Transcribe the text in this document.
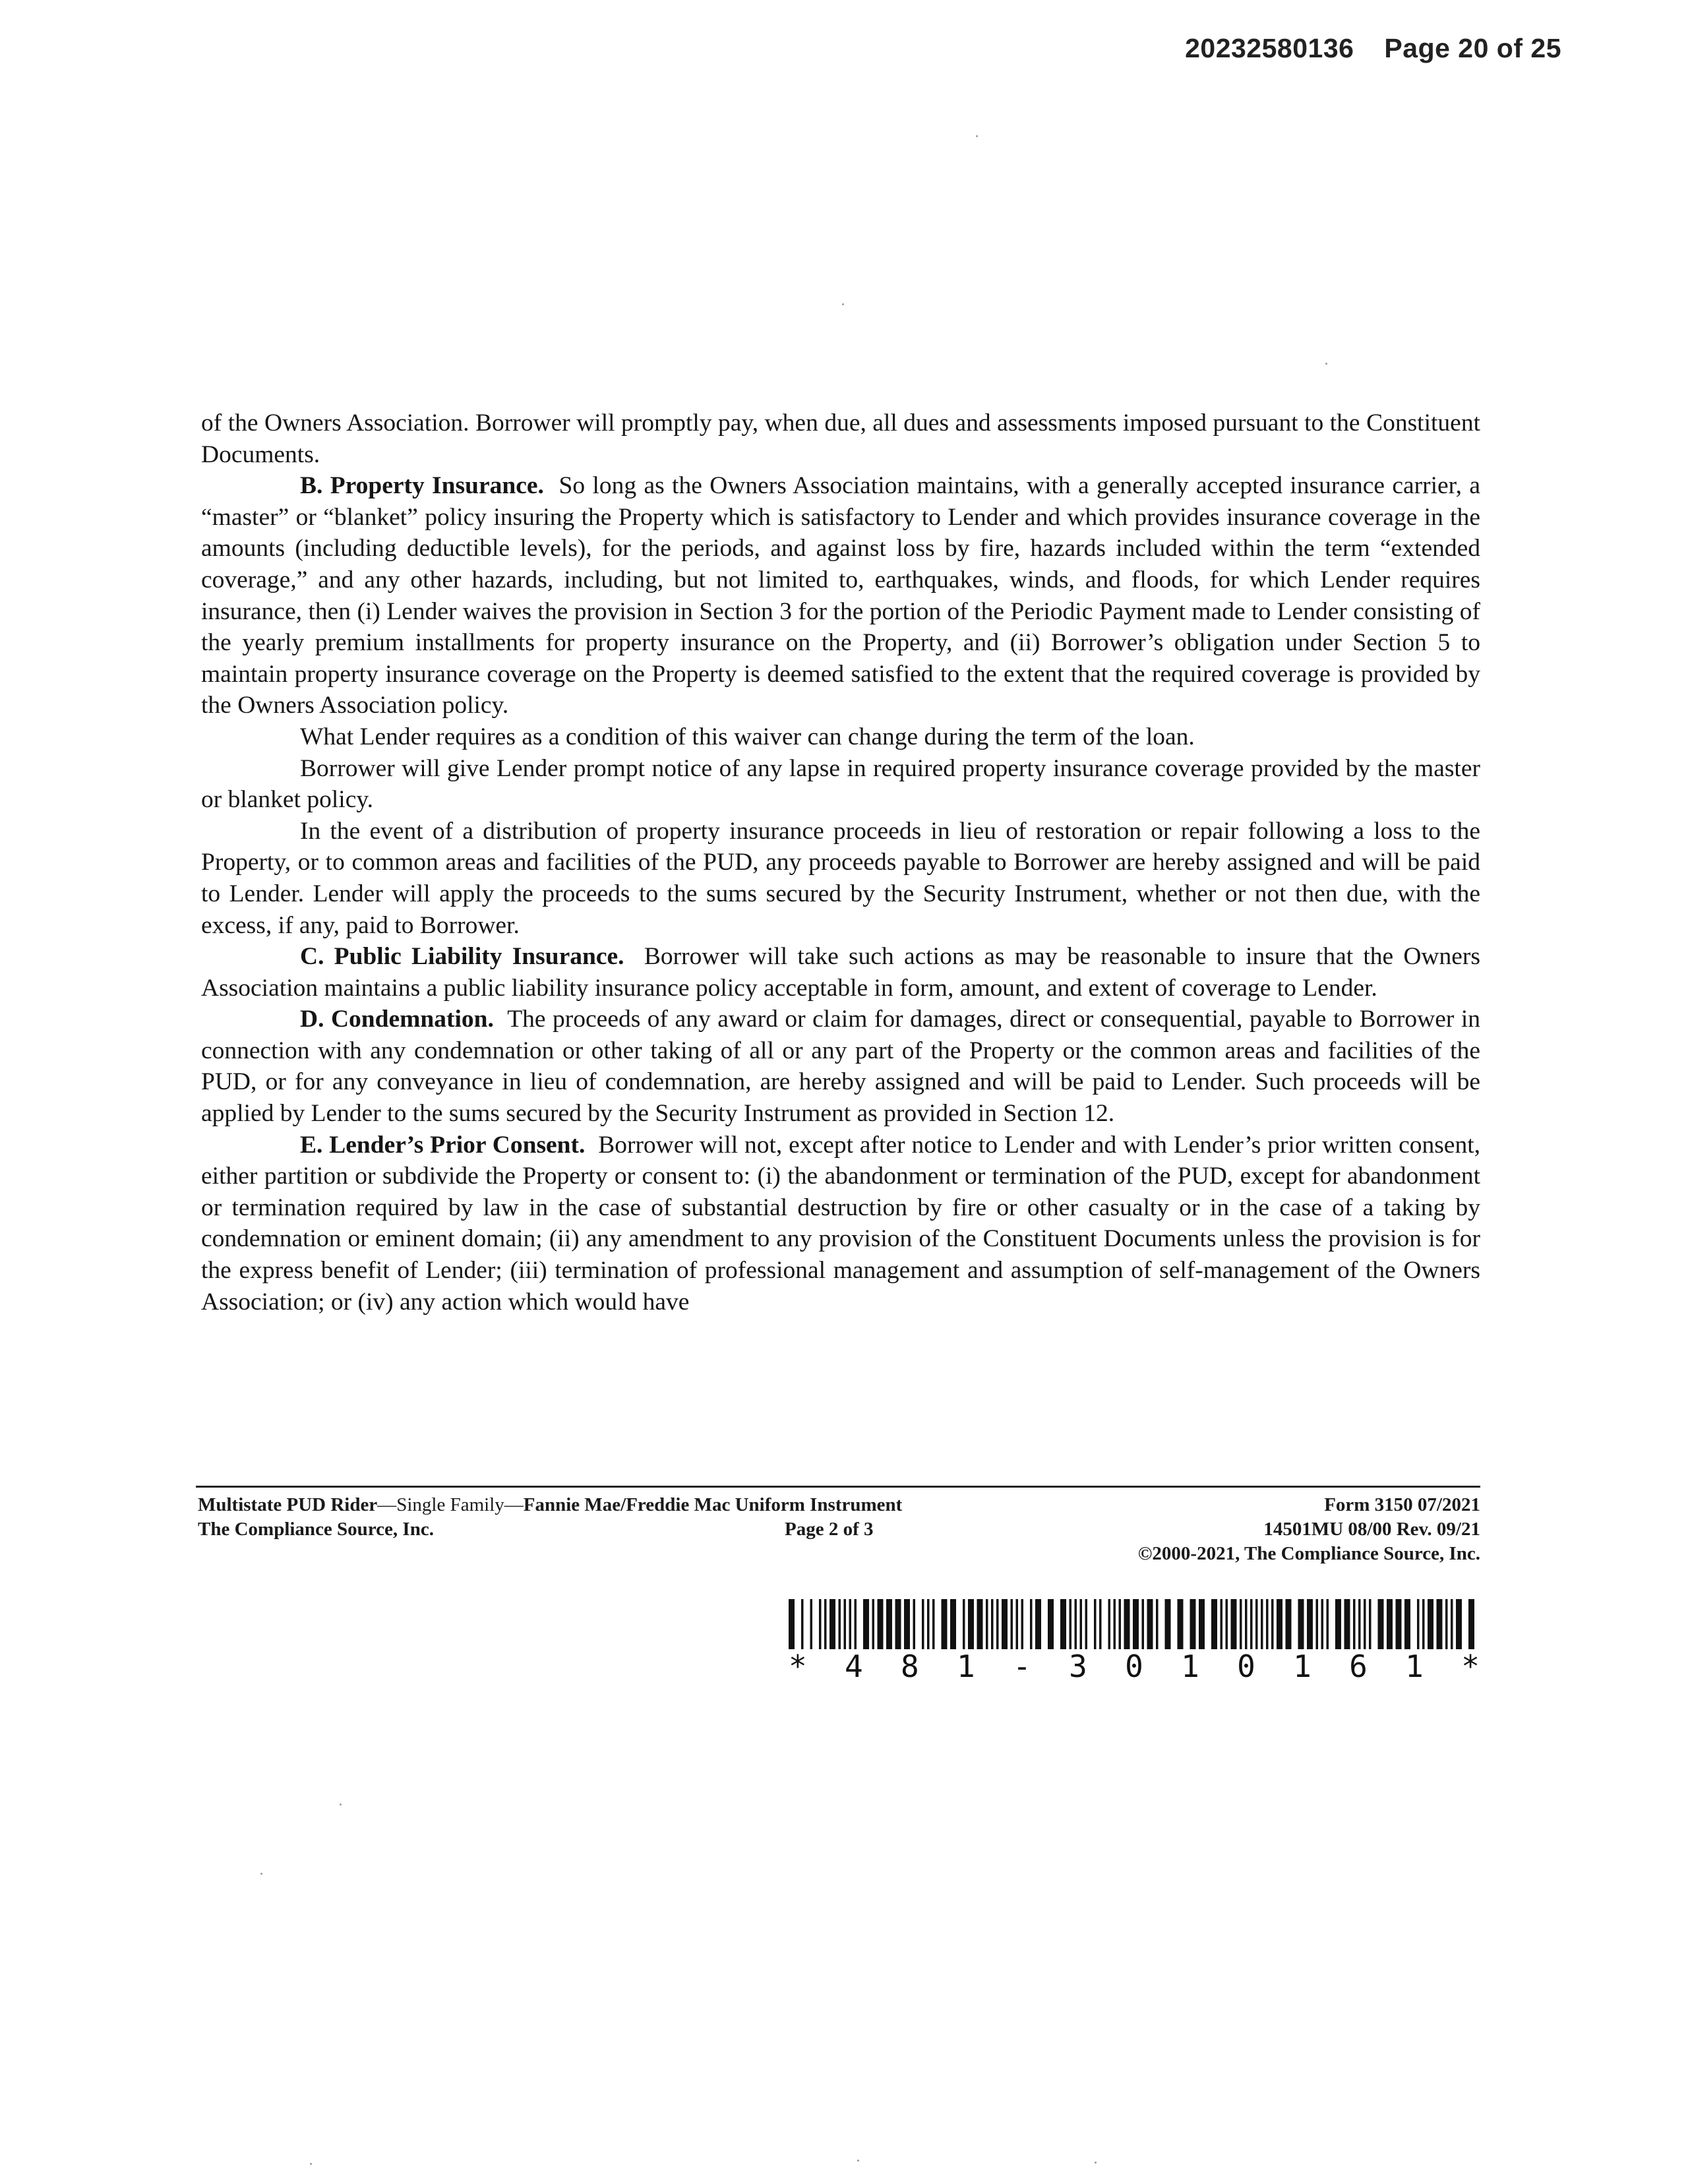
20232580136 Page 20 of 25

of the Owners Association. Borrower will promptly pay, when due, all dues and assessments imposed pursuant to the Constituent Documents.

B. Property Insurance. So long as the Owners Association maintains, with a generally accepted insurance carrier, a “master” or “blanket” policy insuring the Property which is satisfactory to Lender and which provides insurance coverage in the amounts (including deductible levels), for the periods, and against loss by fire, hazards included within the term “extended coverage,” and any other hazards, including, but not limited to, earthquakes, winds, and floods, for which Lender requires insurance, then (i) Lender waives the provision in Section 3 for the portion of the Periodic Payment made to Lender consisting of the yearly premium installments for property insurance on the Property, and (ii) Borrower’s obligation under Section 5 to maintain property insurance coverage on the Property is deemed satisfied to the extent that the required coverage is provided by the Owners Association policy.

What Lender requires as a condition of this waiver can change during the term of the loan.

Borrower will give Lender prompt notice of any lapse in required property insurance coverage provided by the master or blanket policy.

In the event of a distribution of property insurance proceeds in lieu of restoration or repair following a loss to the Property, or to common areas and facilities of the PUD, any proceeds payable to Borrower are hereby assigned and will be paid to Lender. Lender will apply the proceeds to the sums secured by the Security Instrument, whether or not then due, with the excess, if any, paid to Borrower.

C. Public Liability Insurance. Borrower will take such actions as may be reasonable to insure that the Owners Association maintains a public liability insurance policy acceptable in form, amount, and extent of coverage to Lender.

D. Condemnation. The proceeds of any award or claim for damages, direct or consequential, payable to Borrower in connection with any condemnation or other taking of all or any part of the Property or the common areas and facilities of the PUD, or for any conveyance in lieu of condemnation, are hereby assigned and will be paid to Lender. Such proceeds will be applied by Lender to the sums secured by the Security Instrument as provided in Section 12.

E. Lender’s Prior Consent. Borrower will not, except after notice to Lender and with Lender’s prior written consent, either partition or subdivide the Property or consent to: (i) the abandonment or termination of the PUD, except for abandonment or termination required by law in the case of substantial destruction by fire or other casualty or in the case of a taking by condemnation or eminent domain; (ii) any amendment to any provision of the Constituent Documents unless the provision is for the express benefit of Lender; (iii) termination of professional management and assumption of self-management of the Owners Association; or (iv) any action which would have

Multistate PUD Rider—Single Family—Fannie Mae/Freddie Mac Uniform Instrument	Form 3150 07/2021
The Compliance Source, Inc.	Page 2 of 3	14501MU 08/00 Rev. 09/21
©2000-2021, The Compliance Source, Inc.
* 4 8 1 - 3 0 1 0 1 6 1 *
